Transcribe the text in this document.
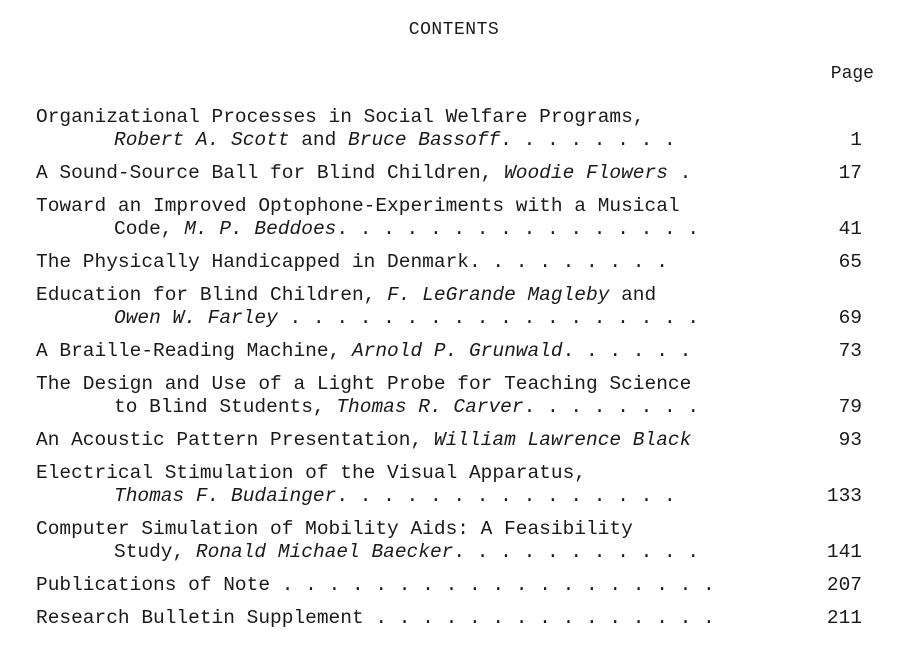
CONTENTS
Page
Organizational Processes in Social Welfare Programs,
Robert A. Scott and Bruce Bassoff. . . . . . . .	1
A Sound-Source Ball for Blind Children, Woodie Flowers .	17
Toward an Improved Optophone-Experiments with a Musical
Code, M. P. Beddoes. . . . . . . . . . . . . . . .	41
The Physically Handicapped in Denmark. . . . . . . . .	65
Education for Blind Children, F. LeGrande Magleby and
Owen W. Farley . . . . . . . . . . . . . . . . . .	69
A Braille-Reading Machine, Arnold P. Grunwald. . . . . .	73
The Design and Use of a Light Probe for Teaching Science
to Blind Students, Thomas R. Carver. . . . . . . .	79
An Acoustic Pattern Presentation, William Lawrence Black	93
Electrical Stimulation of the Visual Apparatus,
Thomas F. Budainger. . . . . . . . . . . . . . .	133
Computer Simulation of Mobility Aids: A Feasibility
Study, Ronald Michael Baecker. . . . . . . . . . .	141
Publications of Note . . . . . . . . . . . . . . . . . . .	207
Research Bulletin Supplement . . . . . . . . . . . . . . .	211
